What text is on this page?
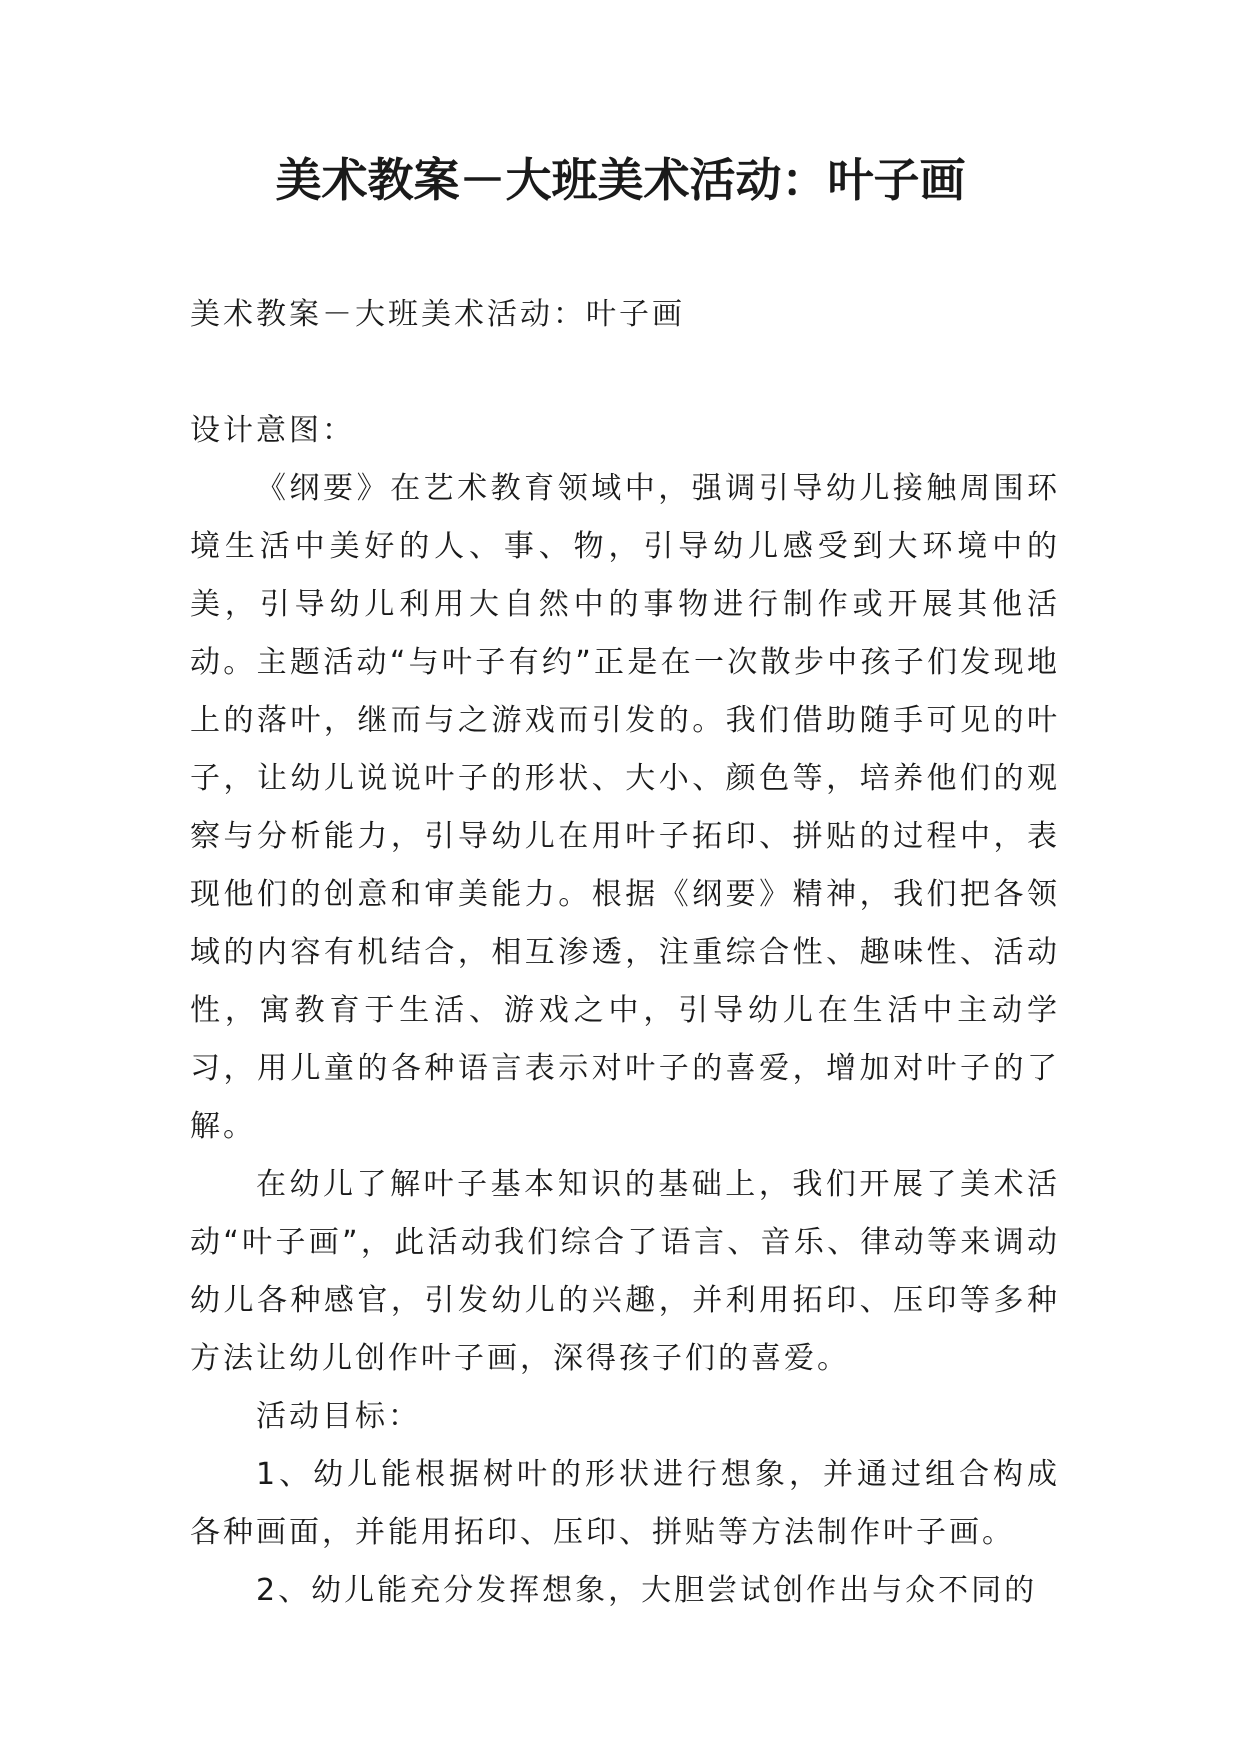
美术教案－大班美术活动：叶子画

美术教案－大班美术活动：叶子画

设计意图：

《纲要》在艺术教育领域中，强调引导幼儿接触周围环境生活中美好的人、事、物，引导幼儿感受到大环境中的美，引导幼儿利用大自然中的事物进行制作或开展其他活动。主题活动“与叶子有约”正是在一次散步中孩子们发现地上的落叶，继而与之游戏而引发的。我们借助随手可见的叶子，让幼儿说说叶子的形状、大小、颜色等，培养他们的观察与分析能力，引导幼儿在用叶子拓印、拼贴的过程中，表现他们的创意和审美能力。根据《纲要》精神，我们把各领域的内容有机结合，相互渗透，注重综合性、趣味性、活动性，寓教育于生活、游戏之中，引导幼儿在生活中主动学习，用儿童的各种语言表示对叶子的喜爱，增加对叶子的了解。

在幼儿了解叶子基本知识的基础上，我们开展了美术活动“叶子画”，此活动我们综合了语言、音乐、律动等来调动幼儿各种感官，引发幼儿的兴趣，并利用拓印、压印等多种方法让幼儿创作叶子画，深得孩子们的喜爱。

活动目标：

1、幼儿能根据树叶的形状进行想象，并通过组合构成各种画面，并能用拓印、压印、拼贴等方法制作叶子画。

2、幼儿能充分发挥想象，大胆尝试创作出与众不同的
